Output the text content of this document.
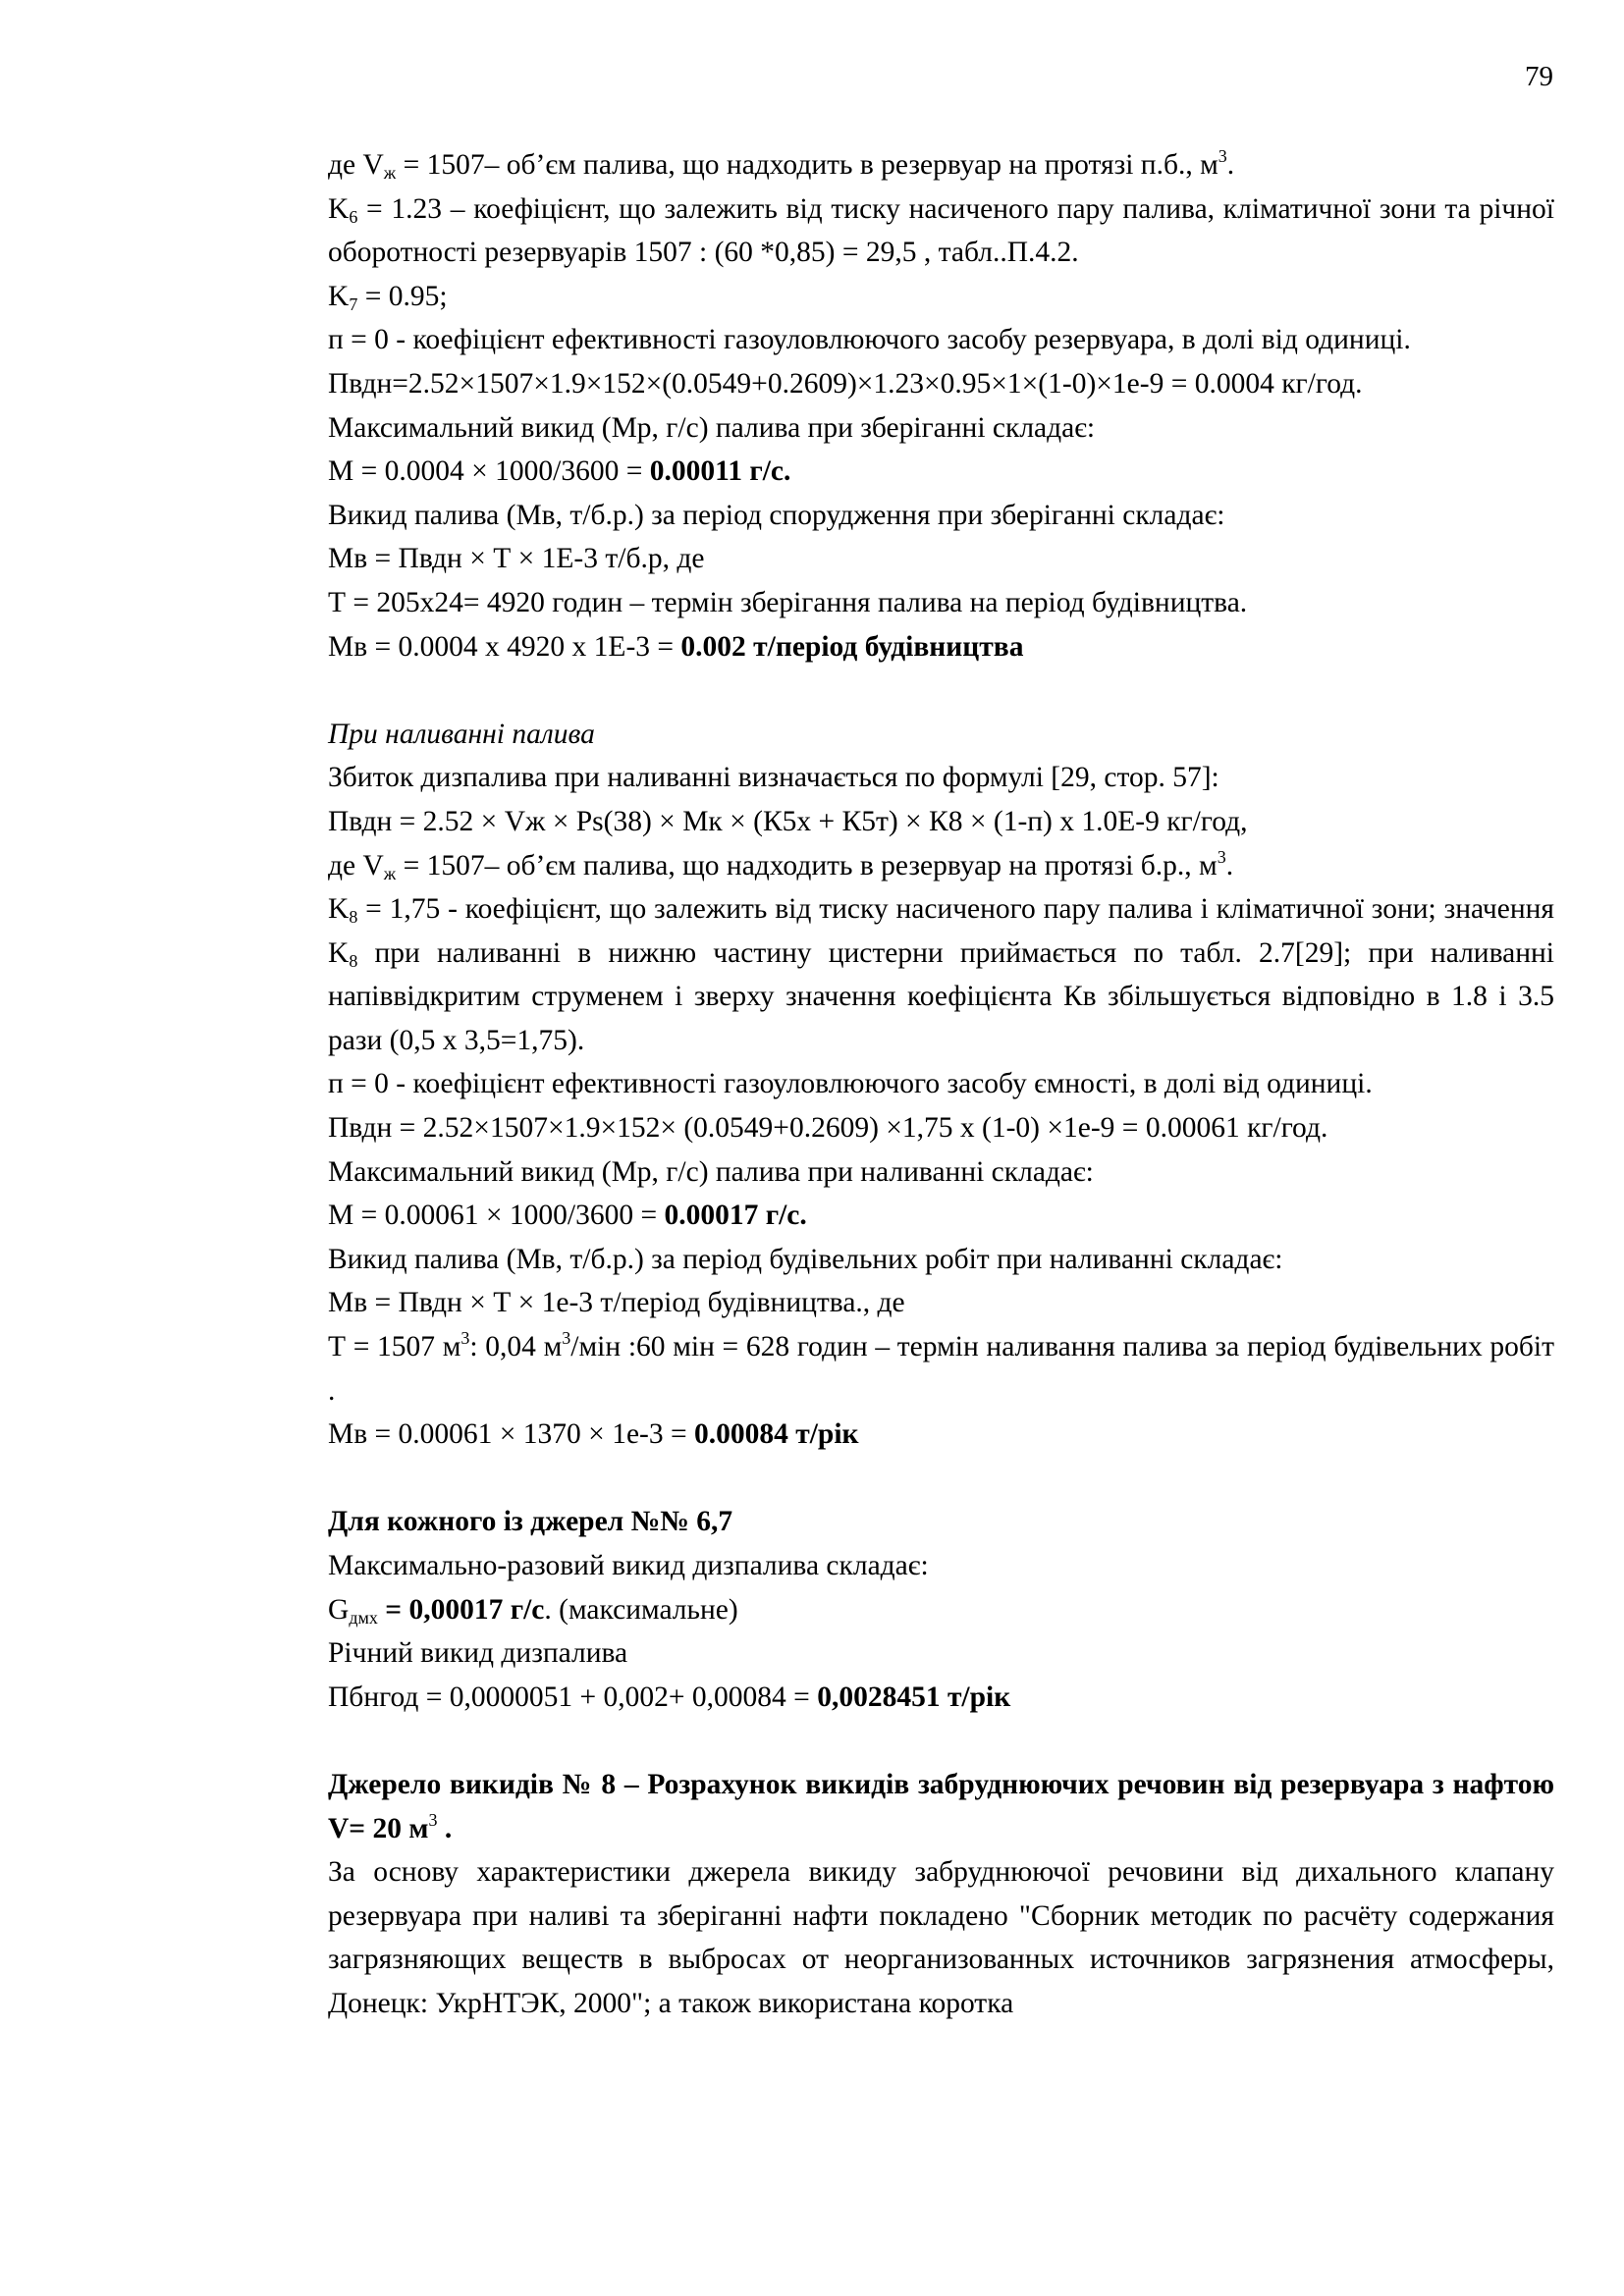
79

де $V_ж = 1507-$ об’єм палива, що надходить в резервуар на протязі п.б., $м^3$.

$K_6 = 1.23$ – коефіцієнт, що залежить від тиску насиченого пару палива, кліматичної зони та річної оборотності резервуарів 1507 : (60 *0,85) = 29,5 , табл..П.4.2.

$K_7 = 0.95$;

п = 0 - коефіцієнт ефективності газоуловлюючого засобу резервуара, в долі від одиниці.

Пвдн=2.52×1507×1.9×152×(0.0549+0.2609)×1.23×0.95×1×(1-0)×1е-9 = 0.0004 кг/год.

Максимальний викид (Мр, г/с) палива при зберіганні складає:

М = 0.0004 × 1000/3600 = 0.00011 г/с.

Викид палива (Мв, т/б.р.) за період спорудження при зберіганні складає:

Мв = Пвдн × Т × 1Е-3 т/б.р, де

Т = 205х24= 4920 годин – термін зберігання палива на період будівництва.

Мв = 0.0004 х 4920 х 1Е-3 = 0.002 т/період будівництва

При наливанні палива

Збиток дизпалива при наливанні визначається по формулі [29, стор. 57]:

Пвдн = 2.52 × Vж × Ps(38) × Мк × (К5х + К5т) × К8 × (1-п) х 1.0Е-9 кг/год,

де $V_ж = 1507-$ об’єм палива, що надходить в резервуар на протязі б.р., $м^3$.

$K_8 = 1,75$ - коефіцієнт, що залежить від тиску насиченого пару палива і кліматичної зони; значення $K_8$ при наливанні в нижню частину цистерни приймається по табл. 2.7[29]; при наливанні напіввідкритим струменем і зверху значення коефіцієнта Кв збільшується відповідно в 1.8 і 3.5 рази (0,5 х 3,5=1,75).

п = 0 - коефіцієнт ефективності газоуловлюючого засобу ємності, в долі від одиниці.

Пвдн = 2.52×1507×1.9×152× (0.0549+0.2609) ×1,75 х (1-0) ×1е-9 = 0.00061 кг/год.

Максимальний викид (Мр, г/с) палива при наливанні складає:

М = 0.00061 × 1000/3600 = 0.00017 г/с.

Викид палива (Мв, т/б.р.) за період будівельних робіт при наливанні складає:

Мв = Пвдн × Т × 1е-3 т/період будівництва., де

Т = 1507 $м^3$: 0,04 $м^3$/мін :60 мін = 628 годин – термін наливання палива за період будівельних робіт .

Мв = 0.00061 × 1370 × 1е-3 = 0.00084 т/рік

Для кожного із джерел №№ 6,7

Максимально-разовий викид дизпалива складає:

$G_{дмх} = 0,00017$ г/с. (максимальне)

Річний викид дизпалива

Пбнгод = 0,0000051 + 0,002+ 0,00084 = 0,0028451 т/рік

Джерело викидів № 8 – Розрахунок викидів забруднюючих речовин від резервуара з нафтою V= 20 $м^3$ .

За основу характеристики джерела викиду забруднюючої речовини від дихального клапану резервуара при наливі та зберіганні нафти покладено "Сборник методик по расчёту содержания загрязняющих веществ в выбросах от неорганизованных источников загрязнения атмосферы, Донецк: УкрНТЭК, 2000"; а також використана коротка
